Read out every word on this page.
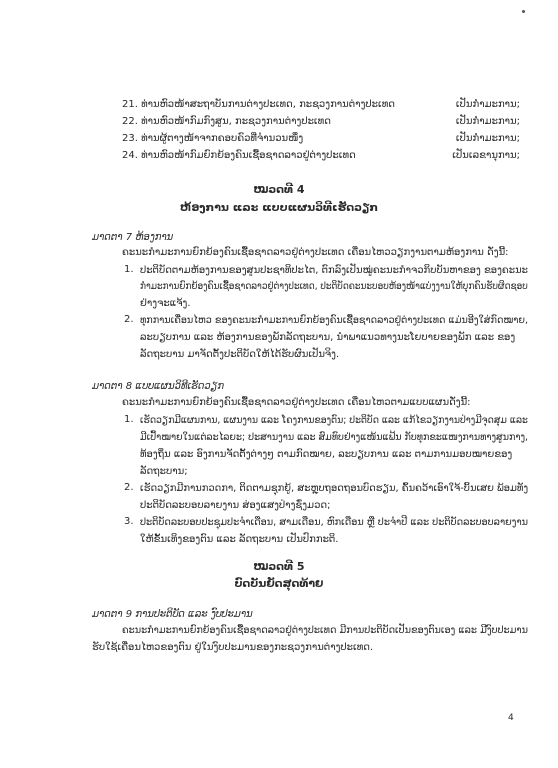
21. ທ່ານຫົວໜ້າສະຖາບັນການຕ່າງປະເທດ, ກະຊວງການຕ່າງປະເທດ	ເປັນກຳມະການ;
22. ທ່ານຫົວໜ້າກົມກົງສູນ, ກະຊວງການຕ່າງປະເທດ	ເປັນກຳມະການ;
23. ທ່ານຜູ້ຕາງໜ້າຈາກຄອບຄົວທີ່ຈຳນວນໜຶ່ງ	ເປັນກຳມະການ;
24. ທ່ານຫົວໜ້າກົມຍົກຍ້ອງຄົນເຊື້ອຊາດລາວຢູ່ຕ່າງປະເທດ	ເປັນເລຂານຸການ;
ໝວດທີ 4
ຫ້ອງການ ແລະ ແບບແຜນວິທີເຮັດວຽກ
ມາດຕາ 7 ຫ້ອງການ
ຄະນະກຳມະການຍົກຍ້ອງຄົນເຊື້ອຊາດລາວຢູ່ຕ່າງປະເທດ ເຄື່ອນໄຫວວຽກງານຕາມຫ້ອງການ ດັ່ງນີ້:
1. ປະຕິບັດຕາມຫ້ອງການຂອງສູນປະຊາທິປະໄຕ, ຕົກລົງເປັນໝູ່ຄະນະກຳຈວກິບບັນຫາຂອງ ຂອງຄະນະ
ກຳມະການຍົກຍ້ອງຄົນເຊື້ອຊາດລາວຢູ່ຕ່າງປະເທດ, ປະຕິບັດຄະນະບອບຫ້ອງໜ້າແບ່ງງານໃຫ້ບຸກຄົນຮັບຜິດຊອບ
ຢ່າງຈະແຈ້ງ.
2. ທຸກການເຄື່ອນໄຫວ ຂອງຄະນະກຳມະການຍົກຍ້ອງຄົນເຊື້ອຊາດລາວຢູ່ຕ່າງປະເທດ ແມ່ນອີງໃສ່ກົດໝາຍ,
ລະບຽບການ ແລະ ຫ້ອງການຂອງພັກລັດຖະບານ, ນຳພາແນວທາງນະໂຍບາຍຂອງພັກ ແລະ ຂອງ
ລັດຖະບານ ມາຈັດຕັ້ງປະຕິບັດໃຫ້ໄດ້ຮັບຜົນເປັນຈິງ.
ມາດຕາ 8 ແບບແຜນວິທີເຮັດວຽກ
ຄະນະກຳມະການຍົກຍ້ອງຄົນເຊື້ອຊາດລາວຢູ່ຕ່າງປະເທດ ເຄື່ອນໄຫວຕາມແບບແຜນດັ່ງນີ້:
1. ເຮັດວຽກມີແຜນການ, ແຜນງານ ແລະ ໂຄງການຂອງຕົນ; ປະຕິບັດ ແລະ ແກ້ໄຂວຽກງານປ່າງມີຈຸດສຸມ ແລະ
ມີເປົ້າໝາຍໃນແຕ່ລະໄລຍະ; ປະສານງານ ແລະ ສົມທົບຢ່າງແໜ້ນແຟ້ນ ກັບທຸກຂະແໜງການທາງສູນກາງ,
ທ້ອງຖິ່ນ ແລະ ອົງການຈັດຕັ້ງຕ່າງໆ ຕາມກົດໝາຍ, ລະບຽບການ ແລະ ຕາມການມອບໝາຍຂອງ
ລັດຖະບານ;
2. ເຮັດວຽກມີການກວດກາ, ຕິດຕາມຊຸກຍູ້, ສະຫຼຸບຖອດຖອນບົດຮຽນ, ຄົ້ນຄວ້າເອົາໃຈ້-ບິ້ນເສຍ ພ້ອມທັງ
ປະຕິບັດລະບອບລາຍງານ ສ່ອງແສງປ່າງຊົ່ງມວດ;
3. ປະຕິບັດລະບອບປະຊຸມປະຈຳເດືອນ, ສາມເດືອນ, ຫົກເດືອນ ຫຼື ປະຈຳປີ ແລະ ປະຕິບັດລະບອບລາຍງານ
ໃຫ້ຂັ້ນເທິງຂອງຕົນ ແລະ ລັດຖະບານ ເປັນປົກກະຕິ.
ໝວດທີ 5
ບົດບັນຍັດສຸດທ້າຍ
ມາດຕາ 9 ການປະຕິບັດ ແລະ ງົບປະມານ
ຄະນະກຳມະການຍົກຍ້ອງຄົນເຊື້ອຊາດລາວຢູ່ຕ່າງປະເທດ ມີການປະຕິບັດເປັນຂອງຕົນເອງ ແລະ ມີງົບປະມານ
ຮັບໃຊ້ເຄື່ອນໄຫວຂອງຕົນ ຢູ່ໃນງົບປະມານຂອງກະຊວງການຕ່າງປະເທດ.
4
